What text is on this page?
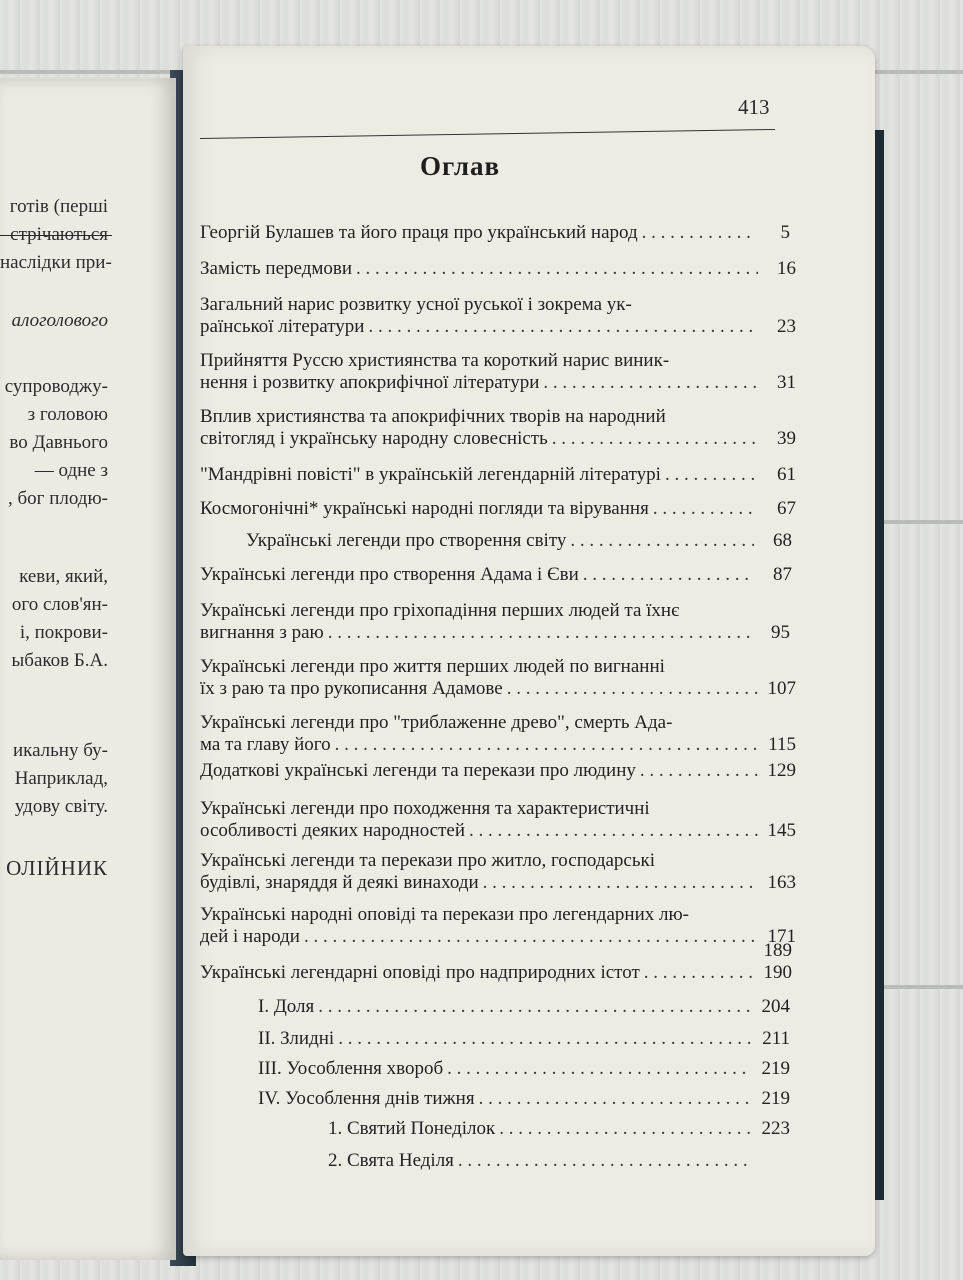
готів (перші
стрічаються
наслідки при-
алоголового
супроводжу-
з головою
во Давнього
— одне з
, бог плодю-
кеви, який,
ого слов'ян-
і, покрови-
ыбаков Б.А.
икальну бу-
Наприклад,
удову світу.
ОЛІЙНИК
413
Оглав
Георгій Булашев та його праця про український народ . . .	5
Замість передмови . . .	16
Загальний нарис розвитку усної руської і зокрема ук-
раїнської літератури . . .	23
Прийняття Руссю християнства та короткий нарис виник-
нення і розвитку апокрифічної літератури . . .	31
Вплив християнства та апокрифічних творів на народний
світогляд і українську народну словесність . . .	39
"Мандрівні повісті" в українській легендарній літературі . . .	61
Космогонічні* українські народні погляди та вірування . . .	67
Українські легенди про створення світу . . .	68
Українські легенди про створення Адама і Єви . . .	87
Українські легенди про гріхопадіння перших людей та їхнє
вигнання з раю . . .	95
Українські легенди про життя перших людей по вигнанні
їх з раю та про рукописання Адамове . . .	107
Українські легенди про "триблаженне древо", смерть Ада-
ма та главу його . . .	115
Додаткові українські легенди та перекази про людину . . .	129
Українські легенди про походження та характеристичні
особливості деяких народностей . . .	145
Українські легенди та перекази про житло, господарські
будівлі, знаряддя й деякі винаходи . . .	163
Українські народні оповіді та перекази про легендарних лю-
дей і народи . . .	171
189
Українські легендарні оповіді про надприродних істот . . .	190
I. Доля . . .	204
II. Злидні . . .	211
III. Уособлення хвороб . . .	219
IV. Уособлення днів тижня . . .	219
1. Святий Понеділок . . .	223
2. Свята Неділя
. . .
